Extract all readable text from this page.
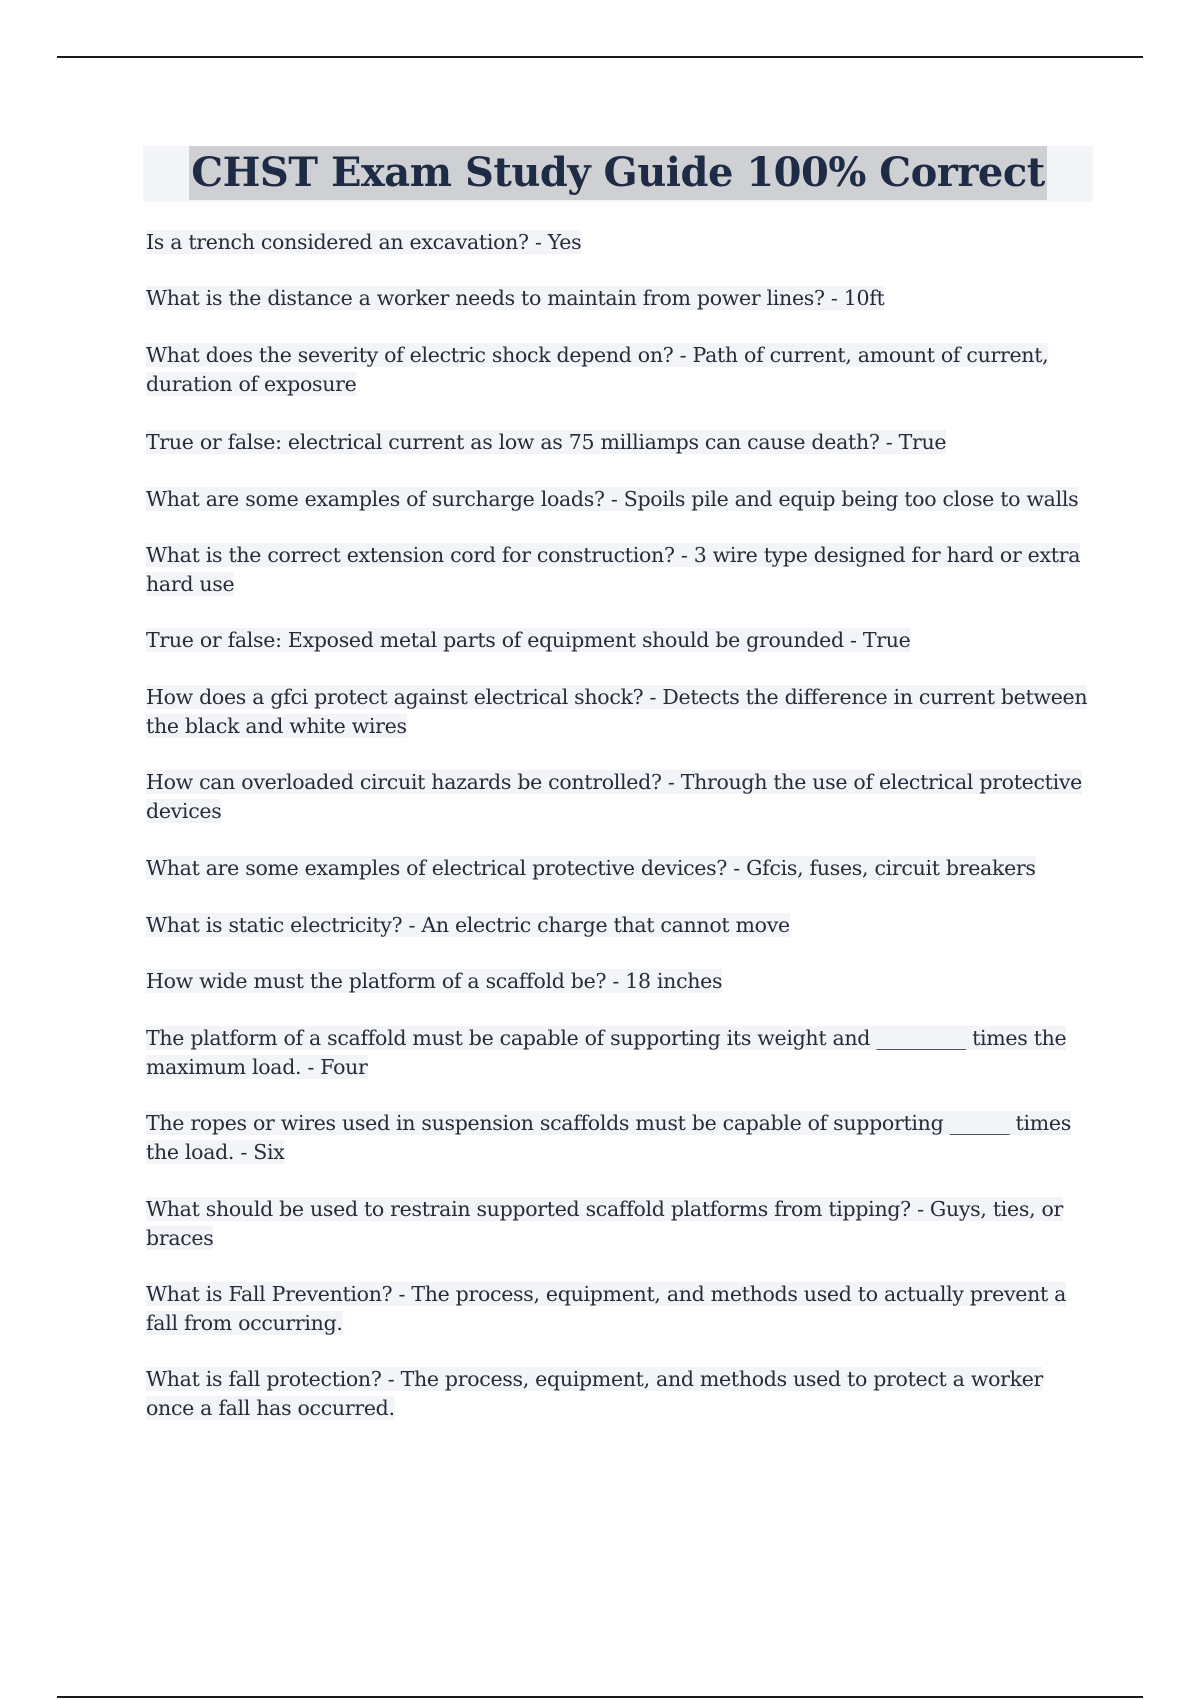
CHST Exam Study Guide 100% Correct
Is a trench considered an excavation? - Yes
What is the distance a worker needs to maintain from power lines? - 10ft
What does the severity of electric shock depend on? - Path of current, amount of current, duration of exposure
True or false: electrical current as low as 75 milliamps can cause death? - True
What are some examples of surcharge loads? - Spoils pile and equip being too close to walls
What is the correct extension cord for construction? - 3 wire type designed for hard or extra hard use
True or false: Exposed metal parts of equipment should be grounded - True
How does a gfci protect against electrical shock? - Detects the difference in current between the black and white wires
How can overloaded circuit hazards be controlled? - Through the use of electrical protective devices
What are some examples of electrical protective devices? - Gfcis, fuses, circuit breakers
What is static electricity? - An electric charge that cannot move
How wide must the platform of a scaffold be? - 18 inches
The platform of a scaffold must be capable of supporting its weight and _________ times the maximum load. - Four
The ropes or wires used in suspension scaffolds must be capable of supporting ______ times the load. - Six
What should be used to restrain supported scaffold platforms from tipping? - Guys, ties, or braces
What is Fall Prevention? - The process, equipment, and methods used to actually prevent a fall from occurring.
What is fall protection? - The process, equipment, and methods used to protect a worker once a fall has occurred.
